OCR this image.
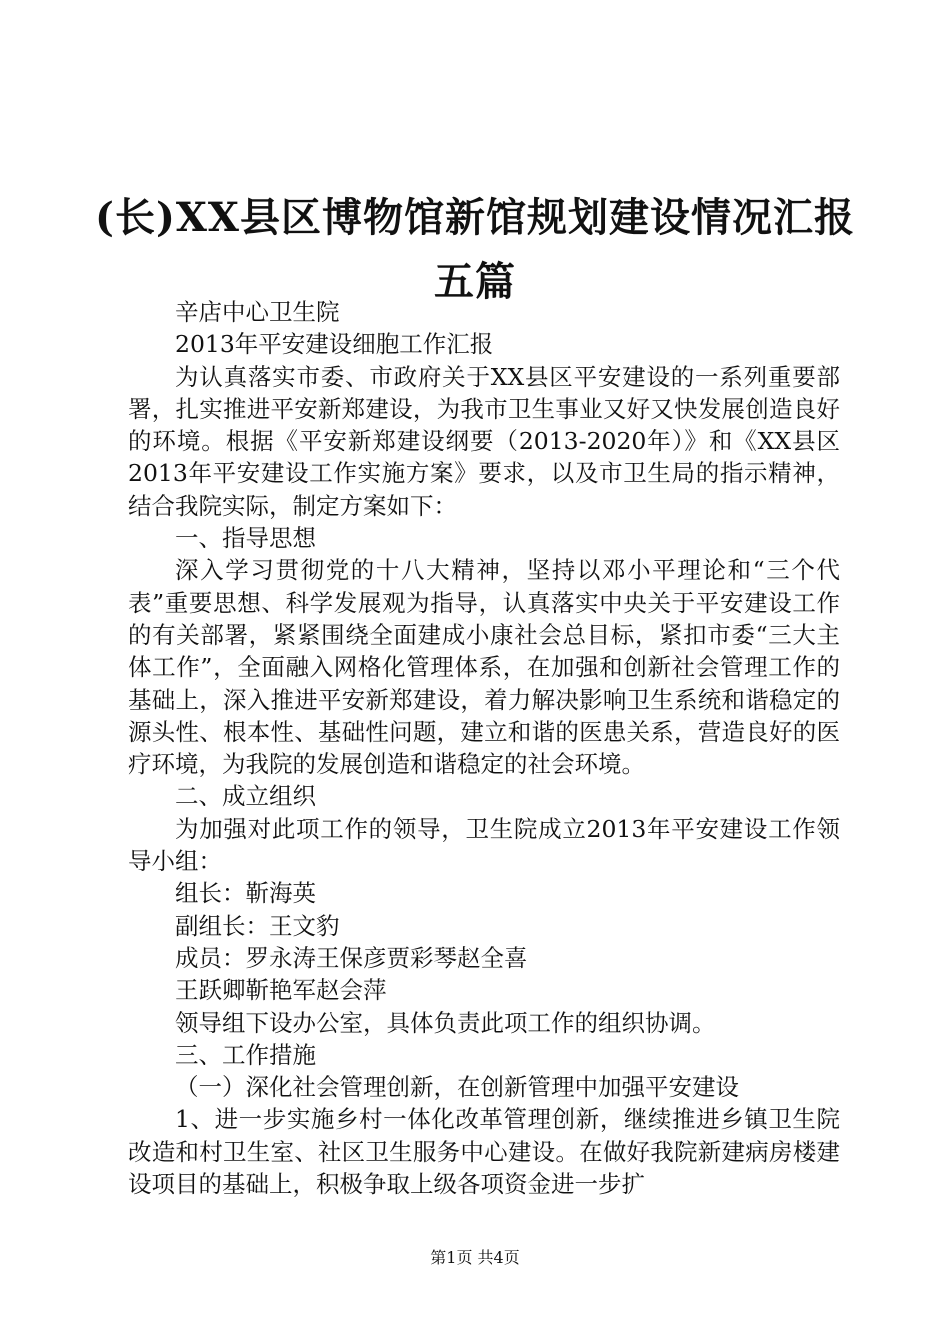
(长)XX县区博物馆新馆规划建设情况汇报五篇

辛店中心卫生院

2013年平安建设细胞工作汇报

为认真落实市委、市政府关于XX县区平安建设的一系列重要部署，扎实推进平安新郑建设，为我市卫生事业又好又快发展创造良好的环境。根据《平安新郑建设纲要（2013-2020年）》和《XX县区2013年平安建设工作实施方案》要求，以及市卫生局的指示精神，结合我院实际，制定方案如下：

一、指导思想

深入学习贯彻党的十八大精神，坚持以邓小平理论和“三个代表”重要思想、科学发展观为指导，认真落实中央关于平安建设工作的有关部署，紧紧围绕全面建成小康社会总目标，紧扣市委“三大主体工作”，全面融入网格化管理体系，在加强和创新社会管理工作的基础上，深入推进平安新郑建设，着力解决影响卫生系统和谐稳定的源头性、根本性、基础性问题，建立和谐的医患关系，营造良好的医疗环境，为我院的发展创造和谐稳定的社会环境。

二、成立组织

为加强对此项工作的领导，卫生院成立2013年平安建设工作领导小组：

组长：靳海英

副组长：王文豹

成员：罗永涛王保彦贾彩琴赵全喜

王跃卿靳艳军赵会萍

领导组下设办公室，具体负责此项工作的组织协调。

三、工作措施

（一）深化社会管理创新，在创新管理中加强平安建设

1、进一步实施乡村一体化改革管理创新，继续推进乡镇卫生院改造和村卫生室、社区卫生服务中心建设。在做好我院新建病房楼建设项目的基础上，积极争取上级各项资金进一步扩

第1页 共4页
